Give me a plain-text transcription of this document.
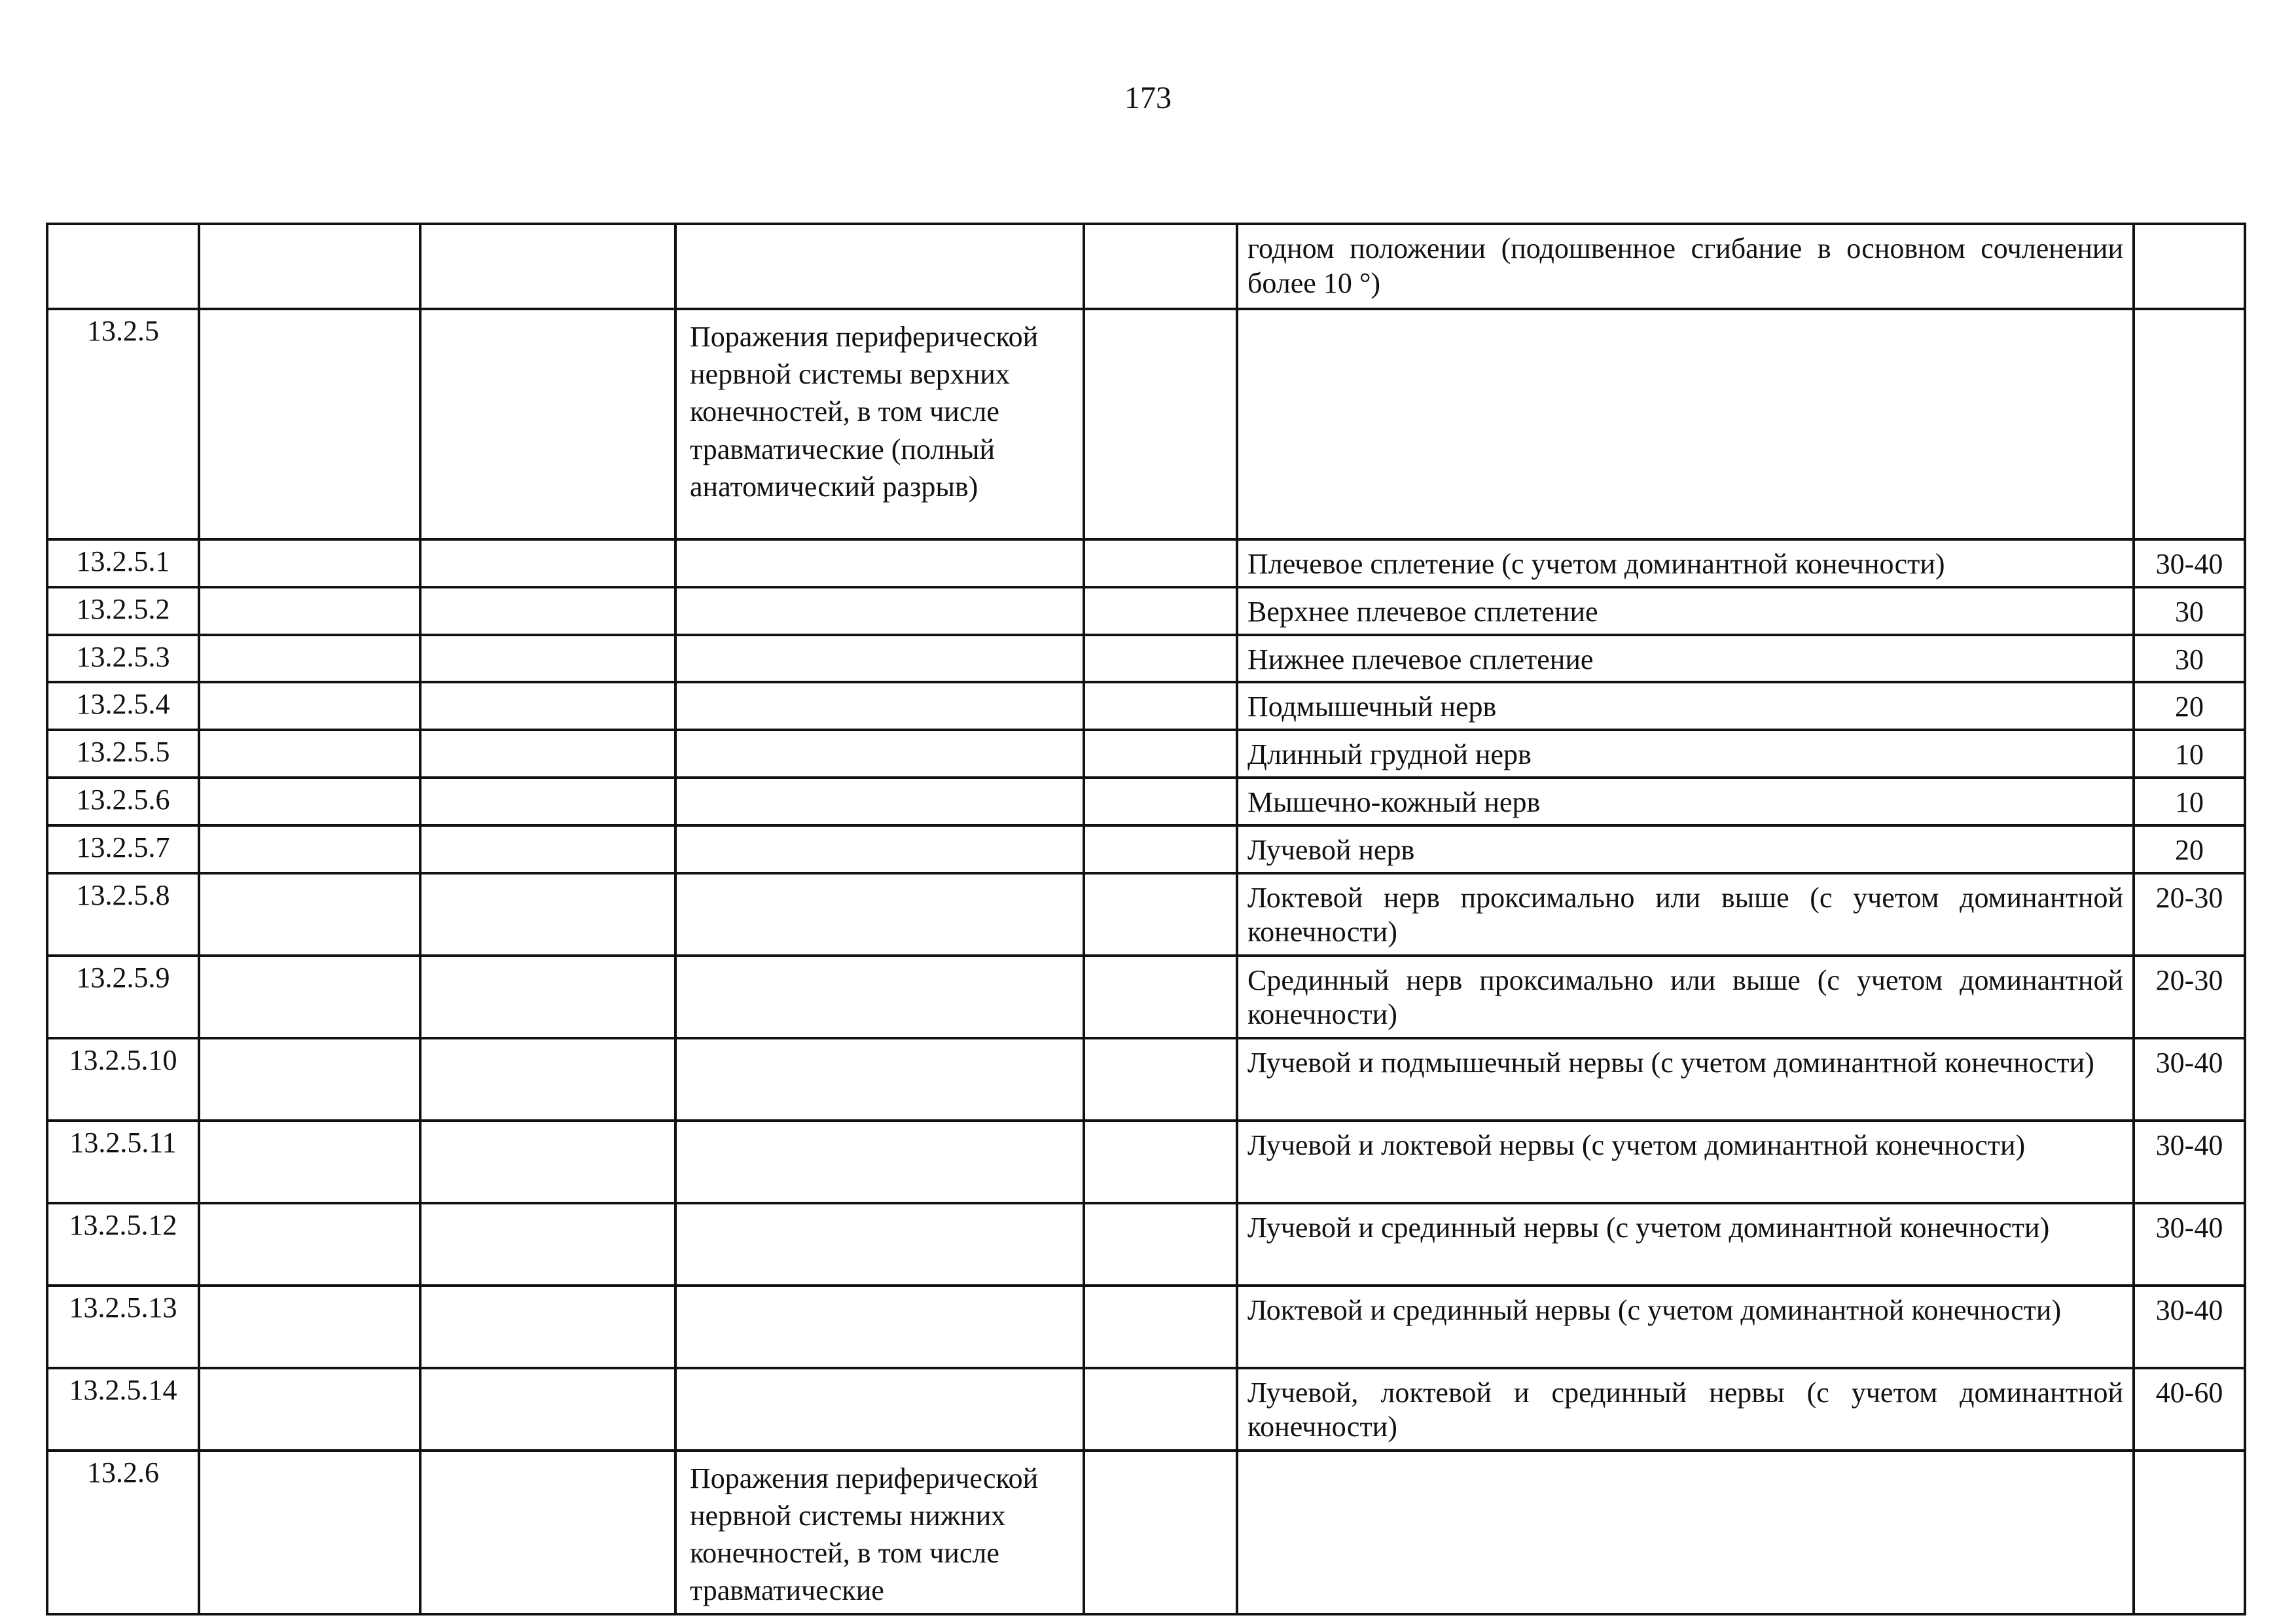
173
					годном положении (подошвенное сгибание в основном сочленении более 10 °)	
13.2.5			Поражения периферической нервной системы верхних конечностей, в том числе травматические (полный анатомический разрыв)			
13.2.5.1					Плечевое сплетение (с учетом доминантной конечности)	30-40
13.2.5.2					Верхнее плечевое сплетение	30
13.2.5.3					Нижнее плечевое сплетение	30
13.2.5.4					Подмышечный нерв	20
13.2.5.5					Длинный грудной нерв	10
13.2.5.6					Мышечно-кожный нерв	10
13.2.5.7					Лучевой нерв	20
13.2.5.8					Локтевой нерв проксимально или выше (с учетом доминантной конечности)	20-30
13.2.5.9					Срединный нерв проксимально или выше (с учетом доминантной конечности)	20-30
13.2.5.10					Лучевой и подмышечный нервы (с учетом доминантной конечности)	30-40
13.2.5.11					Лучевой и локтевой нервы (с учетом доминантной конечности)	30-40
13.2.5.12					Лучевой и срединный нервы (с учетом доминантной конечности)	30-40
13.2.5.13					Локтевой и срединный нервы (с учетом доминантной конечности)	30-40
13.2.5.14					Лучевой, локтевой и срединный нервы (с учетом доминантной конечности)	40-60
13.2.6			Поражения периферической нервной системы нижних конечностей, в том числе травматические			
